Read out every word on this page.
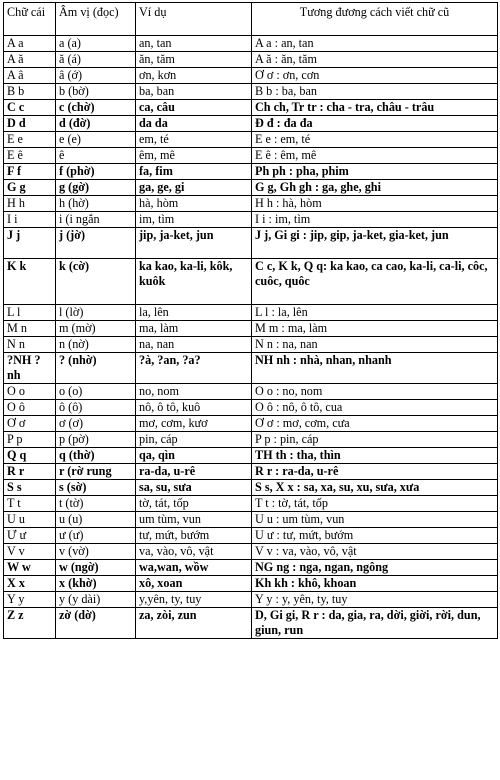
Chữ cái	Âm vị (đọc)	Ví dụ	Tương đương cách viết chữ cũ
A a	a (a)	an, tan	A a : an, tan
A ă	ă (á)	ăn, tăm	A ă : ăn, tăm
A â	â (ớ)	ơn, kơn	Ơ ơ : ơn, cơn
B b	b (bờ)	ba, ban	B b : ba, ban
C c	c (chờ)	ca, câu	Ch ch, Tr tr : cha - tra, châu - trâu
D d	d (đờ)	da da	Đ đ : đa đa
E e	e (e)	em, té	E e : em, té
E ê	ê	êm, mê	E ê : êm, mê
F f	f (phờ)	fa, fim	Ph ph : pha, phim
G g	g (gờ)	ga, ge, gi	G g, Gh gh : ga, ghe, ghi
H h	h (hờ)	hà, hòm	H h : hà, hòm
I i	i (i ngắn	im, tìm	I i : im, tìm
J j	j (jờ)	jip, ja-ket, jun	J j, Gi gi : jip, gip, ja-ket, gia-ket, jun
K k	k (cờ)	ka kao, ka-li, kôk, kuôk	C c, K k, Q q: ka kao, ca cao, ka-li, ca-li, côc, cuôc, quôc
L l	l (lờ)	la, lên	L l : la, lên
M n	m (mờ)	ma, làm	M m : ma, làm
N n	n (nờ)	na, nan	N n : na, nan
?NH ?nh	? (nhờ)	?à, ?an, ?a?	NH nh : nhà, nhan, nhanh
O o	o (o)	no, nom	O o : no, nom
O ô	ô (ô)	nô, ô tô, kuô	O ô : nô, ô tô, cua
Ơ ơ	ơ (ơ)	mơ, cơm, kươ	Ơ ơ : mơ, cơm, cưa
P p	p (pờ)	pin, cáp	P p : pin, cáp
Q q	q (thờ)	qa, qìn	TH th : tha, thìn
R r	r (rờ rung	ra-da, u-rê	R r : ra-da, u-rê
S s	s (sờ)	sa, su, sưa	S s, X x : sa, xa, su, xu, sưa, xưa
T t	t (tờ)	tờ, tát, tốp	T t : tờ, tát, tốp
U u	u (u)	um tùm, vun	U u : um tùm, vun
Ư ư	ư (ư)	tư, mứt, bướm	U ư : tư, mứt, bướm
V v	v (vờ)	va, vào, vô, vật	V v : va, vào, vô, vật
W w	w (ngờ)	wa,wan, wồw	NG ng : nga, ngan, ngông
X x	x (khờ)	xô, xoan	Kh kh : khô, khoan
Y y	y (y dài)	y,yên, ty, tuy	Y y : y, yên, ty, tuy
Z z	zờ (dờ)	za, zòi, zun	D, Gi gi, R r : da, gia, ra, dời, giời, rời, dun, giun, run
